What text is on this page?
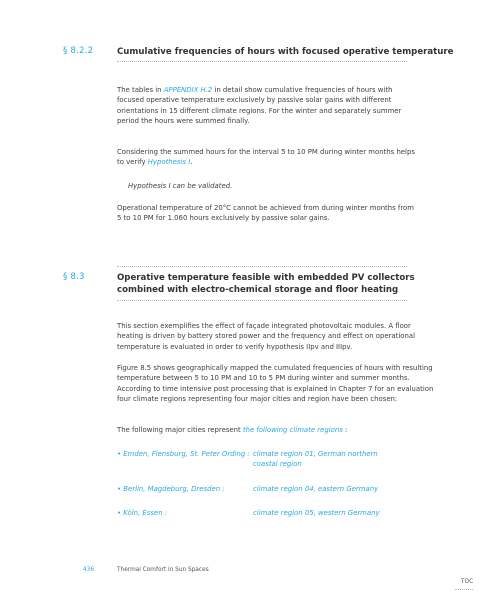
§ 8.2.2	Cumulative frequencies of hours with focused operative temperature
The tables in APPENDIX H.2 in detail show cumulative frequencies of hours with
focused operative temperature exclusively by passive solar gains with different
orientations in 15 different climate regions. For the winter and separately summer
period the hours were summed finally.
Considering the summed hours for the interval 5 to 10 PM during winter months helps
to verify Hypothesis I.
Hypothesis I can be validated.
Operational temperature of 20°C cannot be achieved from during winter months from
5 to 10 PM for 1.060 hours exclusively by passive solar gains.
§ 8.3	Operative temperature feasible with embedded PV collectors
combined with electro-chemical storage and floor heating
This section exemplifies the effect of façade integrated photovoltaic modules. A floor
heating is driven by battery stored power and the frequency and effect on operational
temperature is evaluated in order to verify hypothesis IIpv and IIIpv.
Figure 8.5 shows geographically mapped the cumulated frequencies of hours with resulting
temperature between 5 to 10 PM and 10 to 5 PM during winter and summer months.
According to time intensive post processing that is explained in Chapter 7 for an evaluation
four climate regions representing four major cities and region have been chosen:
The following major cities represent the following climate regions :
• Emden, Flensburg, St. Peter Ording : climate region 01, German northern
coastal region
• Berlin, Magdeburg, Dresden :	climate region 04, eastern Germany
• Köln, Essen :	climate region 05, western Germany
436	Thermal Comfort in Sun Spaces
TOC
